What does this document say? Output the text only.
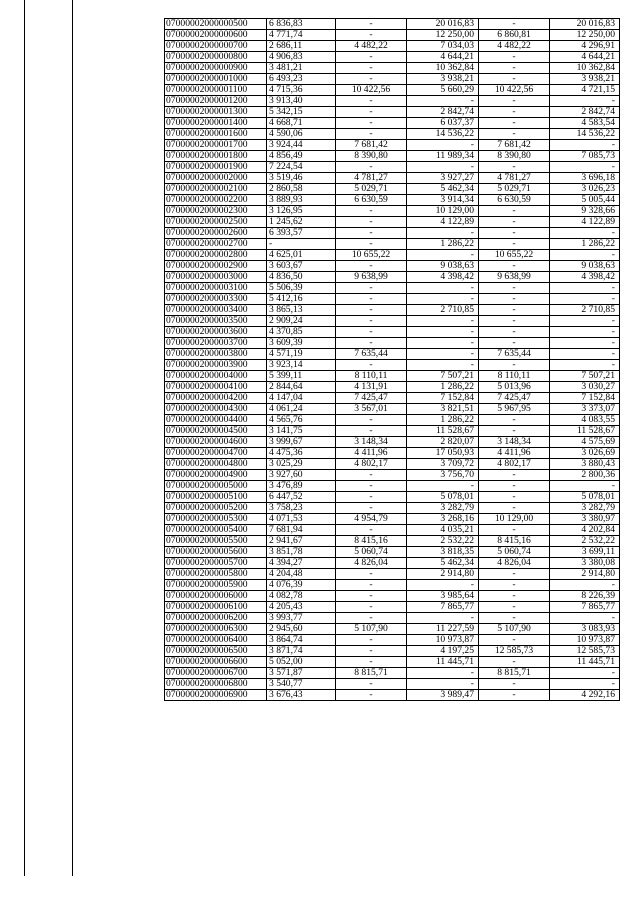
07000002000000500	6 836,83	-	20 016,83	-	20 016,83
07000002000000600	4 771,74	-	12 250,00	6 860,81	12 250,00
07000002000000700	2 686,11	4 482,22	7 034,03	4 482,22	4 296,91
07000002000000800	4 906,83	-	4 644,21	-	4 644,21
07000002000000900	3 481,21	-	10 362,84	-	10 362,84
07000002000001000	6 493,23	-	3 938,21	-	3 938,21
07000002000001100	4 715,36	10 422,56	5 660,29	10 422,56	4 721,15
07000002000001200	3 913,40	-	-	-	-
07000002000001300	5 342,15	-	2 842,74	-	2 842,74
07000002000001400	4 668,71	-	6 037,37	-	4 583,54
07000002000001600	4 590,06	-	14 536,22	-	14 536,22
07000002000001700	3 924,44	7 681,42	-	7 681,42	-
07000002000001800	4 856,49	8 390,80	11 989,34	8 390,80	7 085,73
07000002000001900	7 224,54	-	-	-	-
07000002000002000	3 519,46	4 781,27	3 927,27	4 781,27	3 696,18
07000002000002100	2 860,58	5 029,71	5 462,34	5 029,71	3 026,23
07000002000002200	3 889,93	6 630,59	3 914,34	6 630,59	5 005,44
07000002000002300	3 126,95	-	10 129,00	-	9 328,66
07000002000002500	1 245,62	-	4 122,89	-	4 122,89
07000002000002600	6 393,57	-	-	-	-
07000002000002700	-	-	1 286,22	-	1 286,22
07000002000002800	4 625,01	10 655,22	-	10 655,22	-
07000002000002900	3 603,67	-	9 038,63	-	9 038,63
07000002000003000	4 836,50	9 638,99	4 398,42	9 638,99	4 398,42
07000002000003100	5 506,39	-	-	-	-
07000002000003300	5 412,16	-	-	-	-
07000002000003400	3 865,13	-	2 710,85	-	2 710,85
07000002000003500	2 909,24	-	-	-	-
07000002000003600	4 370,85	-	-	-	-
07000002000003700	3 609,39	-	-	-	-
07000002000003800	4 571,19	7 635,44	-	7 635,44	-
07000002000003900	3 923,14	-	-	-	-
07000002000004000	5 399,11	8 110,11	7 507,21	8 110,11	7 507,21
07000002000004100	2 844,64	4 131,91	1 286,22	5 013,96	3 030,27
07000002000004200	4 147,04	7 425,47	7 152,84	7 425,47	7 152,84
07000002000004300	4 061,24	3 567,01	3 821,51	5 967,95	3 373,07
07000002000004400	4 565,76	-	1 286,22	-	4 083,55
07000002000004500	3 141,75	-	11 528,67	-	11 528,67
07000002000004600	3 999,67	3 148,34	2 820,07	3 148,34	4 575,69
07000002000004700	4 475,36	4 411,96	17 050,93	4 411,96	3 026,69
07000002000004800	3 025,29	4 802,17	3 709,72	4 802,17	3 880,43
07000002000004900	3 927,60	-	3 756,70	-	2 800,36
07000002000005000	3 476,89	-	-	-	-
07000002000005100	6 447,52	-	5 078,01	-	5 078,01
07000002000005200	3 758,23	-	3 282,79	-	3 282,79
07000002000005300	4 071,53	4 954,79	3 268,16	10 129,00	3 380,97
07000002000005400	7 681,94	-	4 035,21	-	4 202,84
07000002000005500	2 941,67	8 415,16	2 532,22	8 415,16	2 532,22
07000002000005600	3 851,78	5 060,74	3 818,35	5 060,74	3 699,11
07000002000005700	4 394,27	4 826,04	5 462,34	4 826,04	3 380,08
07000002000005800	4 204,48	-	2 914,80	-	2 914,80
07000002000005900	4 076,39	-	-	-	-
07000002000006000	4 082,78	-	3 985,64	-	8 226,39
07000002000006100	4 205,43	-	7 865,77	-	7 865,77
07000002000006200	3 993,77	-	-	-	-
07000002000006300	2 945,60	5 107,90	11 227,59	5 107,90	3 083,93
07000002000006400	3 864,74	-	10 973,87	-	10 973,87
07000002000006500	3 871,74	-	4 197,25	12 585,73	12 585,73
07000002000006600	5 052,00	-	11 445,71	-	11 445,71
07000002000006700	3 571,87	8 815,71	-	8 815,71	-
07000002000006800	3 540,77	-	-	-	-
07000002000006900	3 676,43	-	3 989,47	-	4 292,16
